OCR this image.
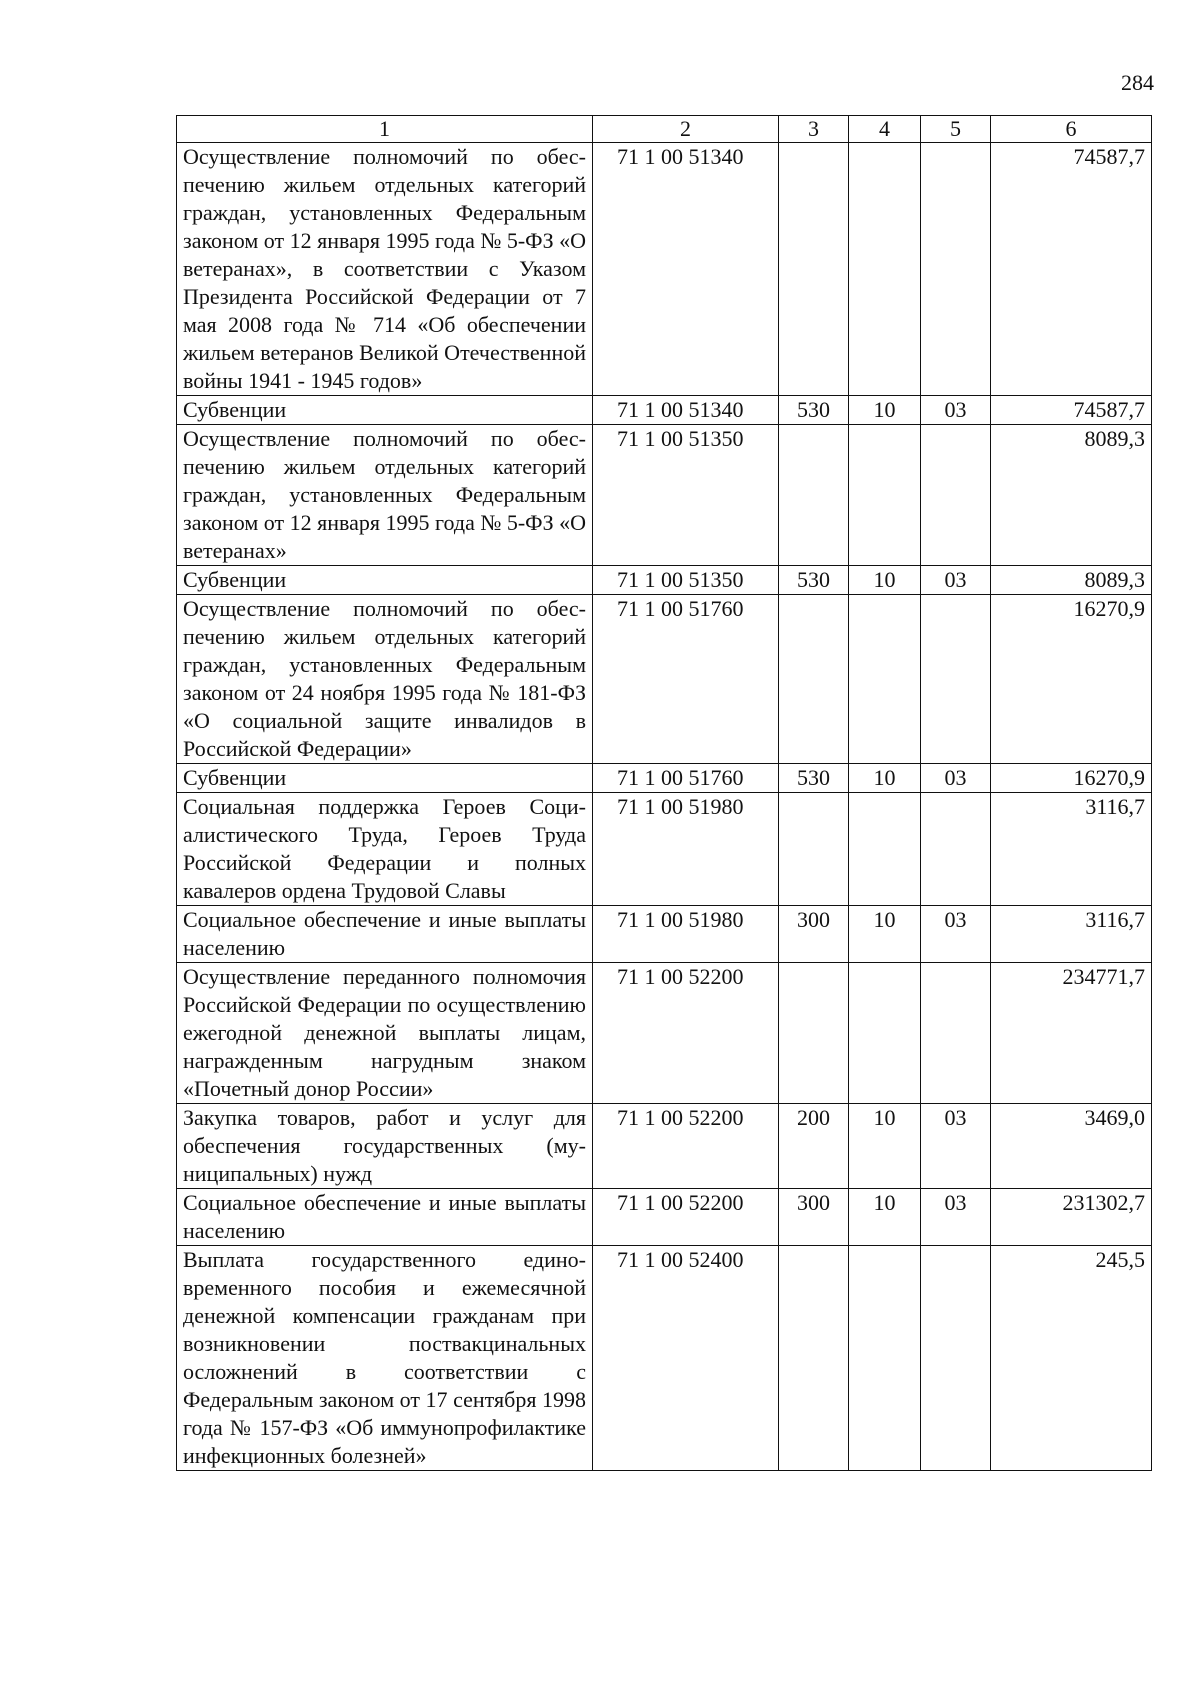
284
1	2	3	4	5	6
Осуществление полномочий по обеспечению жильем отдельных категорий граждан, установленных Федеральным законом от 12 января 1995 года № 5-ФЗ «О ветеранах», в соответствии с Указом Президента Российской Федерации от 7 мая 2008 года № 714 «Об обеспечении жильем ветеранов Великой Отечественной войны 1941 - 1945 годов»	71 1 00 51340				74587,7
Субвенции	71 1 00 51340	530	10	03	74587,7
Осуществление полномочий по обеспечению жильем отдельных категорий граждан, установленных Федеральным законом от 12 января 1995 года № 5-ФЗ «О ветеранах»	71 1 00 51350				8089,3
Субвенции	71 1 00 51350	530	10	03	8089,3
Осуществление полномочий по обеспечению жильем отдельных категорий граждан, установленных Федеральным законом от 24 ноября 1995 года № 181-ФЗ «О социальной защите инвалидов в Российской Федерации»	71 1 00 51760				16270,9
Субвенции	71 1 00 51760	530	10	03	16270,9
Социальная поддержка Героев Социалистического Труда, Героев Труда Российской Федерации и полных кавалеров ордена Трудовой Славы	71 1 00 51980				3116,7
Социальное обеспечение и иные выплаты населению	71 1 00 51980	300	10	03	3116,7
Осуществление переданного полномочия Российской Федерации по осуществлению ежегодной денежной выплаты лицам, награжденным нагрудным знаком «Почетный донор России»	71 1 00 52200				234771,7
Закупка товаров, работ и услуг для обеспечения государственных (муниципальных) нужд	71 1 00 52200	200	10	03	3469,0
Социальное обеспечение и иные выплаты населению	71 1 00 52200	300	10	03	231302,7
Выплата государственного единовременного пособия и ежемесячной денежной компенсации гражданам при возникновении поствакцинальных осложнений в соответствии с Федеральным законом от 17 сентября 1998 года № 157-ФЗ «Об иммунопрофилактике инфекционных болезней»	71 1 00 52400				245,5
